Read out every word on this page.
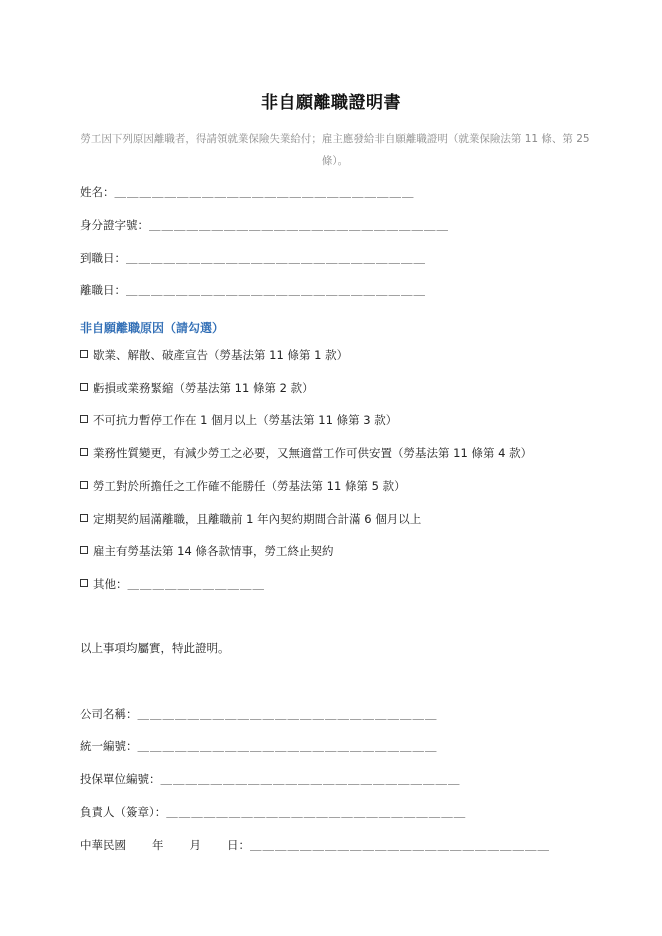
非自願離職證明書
勞工因下列原因離職者，得請領就業保險失業給付；雇主應發給非自願離職證明（就業保險法第 11 條、第 25 條）。
姓名：＿＿＿＿＿＿＿＿＿＿＿＿＿＿＿＿＿＿＿＿＿＿＿＿
身分證字號：＿＿＿＿＿＿＿＿＿＿＿＿＿＿＿＿＿＿＿＿＿＿＿＿
到職日：＿＿＿＿＿＿＿＿＿＿＿＿＿＿＿＿＿＿＿＿＿＿＿＿
離職日：＿＿＿＿＿＿＿＿＿＿＿＿＿＿＿＿＿＿＿＿＿＿＿＿
非自願離職原因（請勾選）
歇業、解散、破產宣告（勞基法第 11 條第 1 款）
虧損或業務緊縮（勞基法第 11 條第 2 款）
不可抗力暫停工作在 1 個月以上（勞基法第 11 條第 3 款）
業務性質變更，有減少勞工之必要，又無適當工作可供安置（勞基法第 11 條第 4 款）
勞工對於所擔任之工作確不能勝任（勞基法第 11 條第 5 款）
定期契約屆滿離職，且離職前 1 年內契約期間合計滿 6 個月以上
雇主有勞基法第 14 條各款情事，勞工終止契約
其他：＿＿＿＿＿＿＿＿＿＿＿
以上事項均屬實，特此證明。
公司名稱：＿＿＿＿＿＿＿＿＿＿＿＿＿＿＿＿＿＿＿＿＿＿＿＿
統一編號：＿＿＿＿＿＿＿＿＿＿＿＿＿＿＿＿＿＿＿＿＿＿＿＿
投保單位編號：＿＿＿＿＿＿＿＿＿＿＿＿＿＿＿＿＿＿＿＿＿＿＿＿
負責人（簽章）：＿＿＿＿＿＿＿＿＿＿＿＿＿＿＿＿＿＿＿＿＿＿＿＿
中華民國 年 月 日：＿＿＿＿＿＿＿＿＿＿＿＿＿＿＿＿＿＿＿＿＿＿＿＿
